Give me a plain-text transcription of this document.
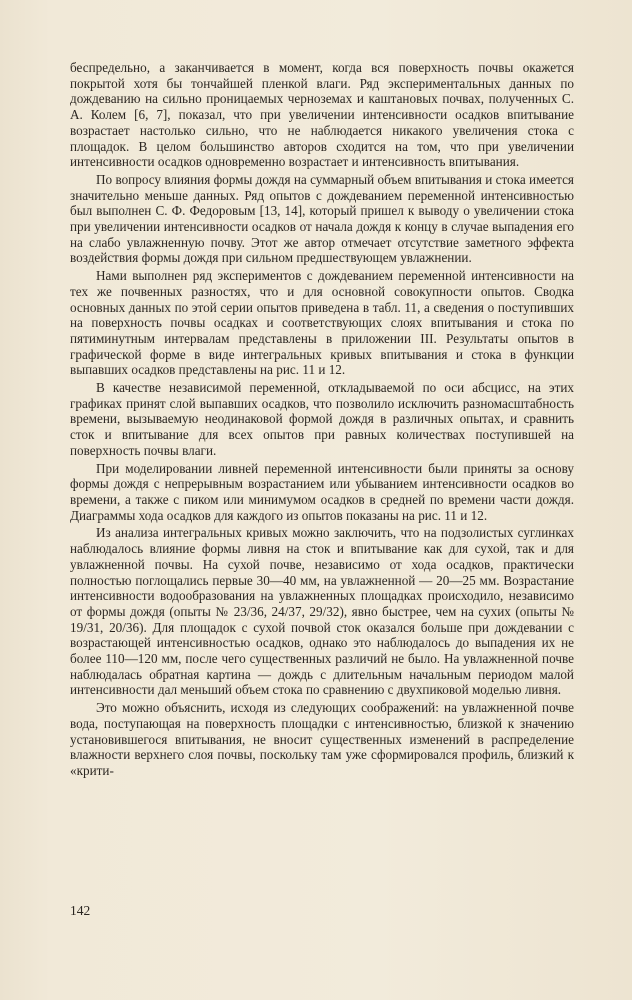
беспредельно, а заканчивается в момент, когда вся поверхность почвы окажется покрытой хотя бы тончайшей пленкой влаги. Ряд экспериментальных данных по дождеванию на сильно проницаемых черноземах и каштановых почвах, полученных С. А. Колем [6, 7], показал, что при увеличении интенсивности осадков впитывание возрастает настолько сильно, что не наблюдается никакого увеличения стока с площадок. В целом большинство авторов сходится на том, что при увеличении интенсивности осадков одновременно возрастает и интенсивность впитывания.

По вопросу влияния формы дождя на суммарный объем впитывания и стока имеется значительно меньше данных. Ряд опытов с дождеванием переменной интенсивностью был выполнен С. Ф. Федоровым [13, 14], который пришел к выводу о увеличении стока при увеличении интенсивности осадков от начала дождя к концу в случае выпадения его на слабо увлажненную почву. Этот же автор отмечает отсутствие заметного эффекта воздействия формы дождя при сильном предшествующем увлажнении.

Нами выполнен ряд экспериментов с дождеванием переменной интенсивности на тех же почвенных разностях, что и для основной совокупности опытов. Сводка основных данных по этой серии опытов приведена в табл. 11, а сведения о поступивших на поверхность почвы осадках и соответствующих слоях впитывания и стока по пятиминутным интервалам представлены в приложении III. Результаты опытов в графической форме в виде интегральных кривых впитывания и стока в функции выпавших осадков представлены на рис. 11 и 12.

В качестве независимой переменной, откладываемой по оси абсцисс, на этих графиках принят слой выпавших осадков, что позволило исключить разномасштабность времени, вызываемую неодинаковой формой дождя в различных опытах, и сравнить сток и впитывание для всех опытов при равных количествах поступившей на поверхность почвы влаги.

При моделировании ливней переменной интенсивности были приняты за основу формы дождя с непрерывным возрастанием или убыванием интенсивности осадков во времени, а также с пиком или минимумом осадков в средней по времени части дождя. Диаграммы хода осадков для каждого из опытов показаны на рис. 11 и 12.

Из анализа интегральных кривых можно заключить, что на подзолистых суглинках наблюдалось влияние формы ливня на сток и впитывание как для сухой, так и для увлажненной почвы. На сухой почве, независимо от хода осадков, практически полностью поглощались первые 30—40 мм, на увлажненной — 20—25 мм. Возрастание интенсивности водообразования на увлажненных площадках происходило, независимо от формы дождя (опыты № 23/36, 24/37, 29/32), явно быстрее, чем на сухих (опыты № 19/31, 20/36). Для площадок с сухой почвой сток оказался больше при дождевании с возрастающей интенсивностью осадков, однако это наблюдалось до выпадения их не более 110—120 мм, после чего существенных различий не было. На увлажненной почве наблюдалась обратная картина — дождь с длительным начальным периодом малой интенсивности дал меньший объем стока по сравнению с двухпиковой моделью ливня.

Это можно объяснить, исходя из следующих соображений: на увлажненной почве вода, поступающая на поверхность площадки с интенсивностью, близкой к значению установившегося впитывания, не вносит существенных изменений в распределение влажности верхнего слоя почвы, поскольку там уже сформировался профиль, близкий к «крити-

142
